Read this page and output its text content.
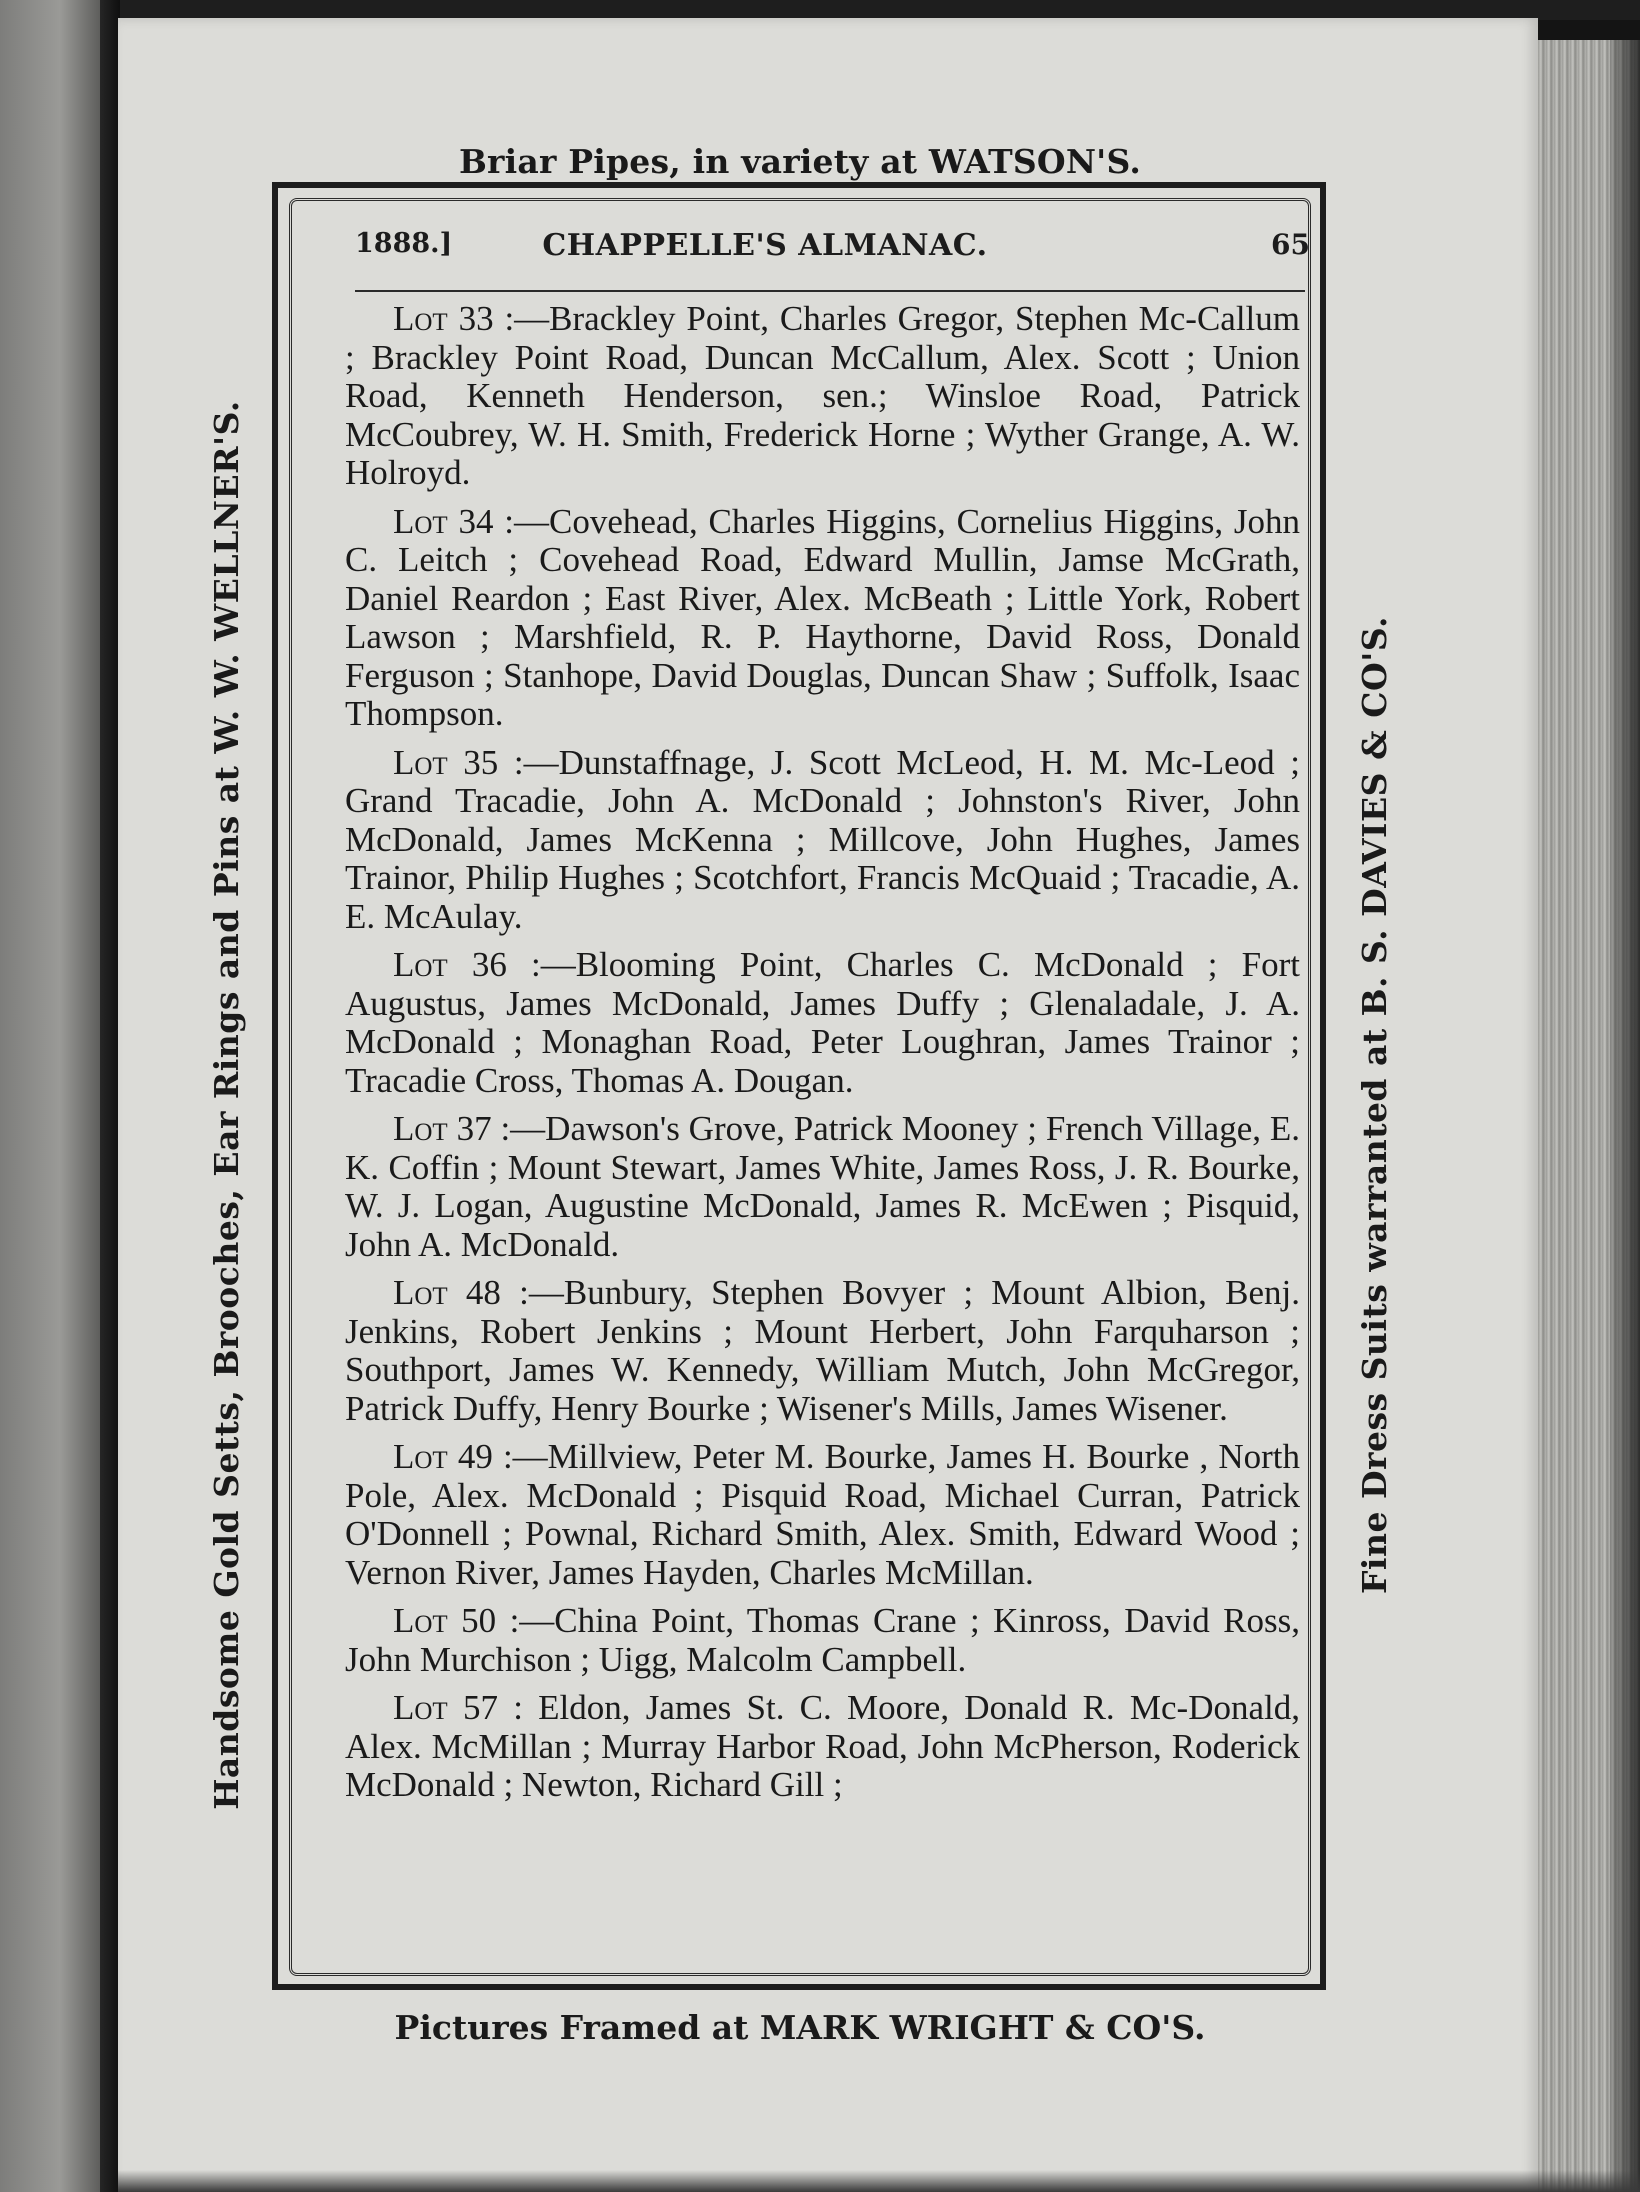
Briar Pipes, in variety at WATSON'S.
Handsome Gold Setts, Brooches, Ear Rings and Pins at W. W. WELLNER'S.	Fine Dress Suits warranted at B. S. DAVIES & CO'S.
Pictures Framed at MARK WRIGHT & CO'S.
1888.]	CHAPPELLE'S ALMANAC.	65

Lot 33 :—Brackley Point, Charles Gregor, Stephen Mc-Callum ; Brackley Point Road, Duncan McCallum, Alex. Scott ; Union Road, Kenneth Henderson, sen.; Winsloe Road, Patrick McCoubrey, W. H. Smith, Frederick Horne ; Wyther Grange, A. W. Holroyd.

Lot 34 :—Covehead, Charles Higgins, Cornelius Higgins, John C. Leitch ; Covehead Road, Edward Mullin, Jamse McGrath, Daniel Reardon ; East River, Alex. McBeath ; Little York, Robert Lawson ; Marshfield, R. P. Haythorne, David Ross, Donald Ferguson ; Stanhope, David Douglas, Duncan Shaw ; Suffolk, Isaac Thompson.

Lot 35 :—Dunstaffnage, J. Scott McLeod, H. M. Mc-Leod ; Grand Tracadie, John A. McDonald ; Johnston's River, John McDonald, James McKenna ; Millcove, John Hughes, James Trainor, Philip Hughes ; Scotchfort, Francis McQuaid ; Tracadie, A. E. McAulay.

Lot 36 :—Blooming Point, Charles C. McDonald ; Fort Augustus, James McDonald, James Duffy ; Glenaladale, J. A. McDonald ; Monaghan Road, Peter Loughran, James Trainor ; Tracadie Cross, Thomas A. Dougan.

Lot 37 :—Dawson's Grove, Patrick Mooney ; French Village, E. K. Coffin ; Mount Stewart, James White, James Ross, J. R. Bourke, W. J. Logan, Augustine McDonald, James R. McEwen ; Pisquid, John A. McDonald.

Lot 48 :—Bunbury, Stephen Bovyer ; Mount Albion, Benj. Jenkins, Robert Jenkins ; Mount Herbert, John Farquharson ; Southport, James W. Kennedy, William Mutch, John McGregor, Patrick Duffy, Henry Bourke ; Wisener's Mills, James Wisener.

Lot 49 :—Millview, Peter M. Bourke, James H. Bourke , North Pole, Alex. McDonald ; Pisquid Road, Michael Curran, Patrick O'Donnell ; Pownal, Richard Smith, Alex. Smith, Edward Wood ; Vernon River, James Hayden, Charles McMillan.

Lot 50 :—China Point, Thomas Crane ; Kinross, David Ross, John Murchison ; Uigg, Malcolm Campbell.

Lot 57 : Eldon, James St. C. Moore, Donald R. Mc-Donald, Alex. McMillan ; Murray Harbor Road, John McPherson, Roderick McDonald ; Newton, Richard Gill ;
